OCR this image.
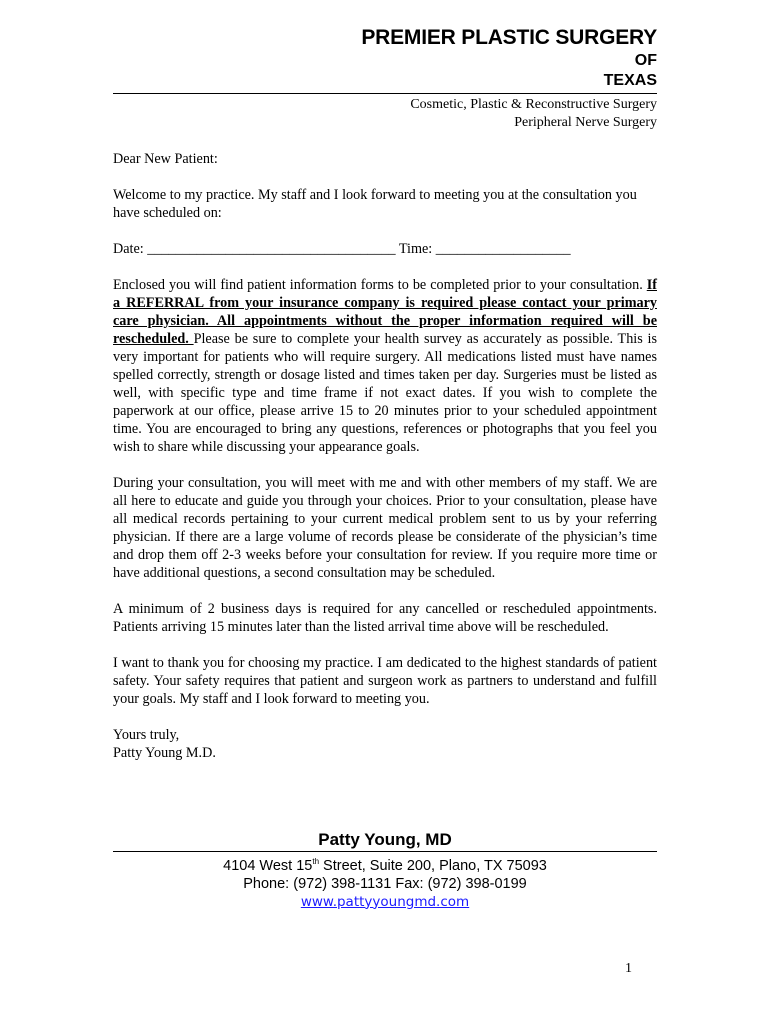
PREMIER PLASTIC SURGERY
OF
TEXAS
Cosmetic, Plastic & Reconstructive Surgery
Peripheral Nerve Surgery

Dear New Patient:

Welcome to my practice. My staff and I look forward to meeting you at the consultation you have scheduled on:

Date: ___________________________________ Time: ___________________

Enclosed you will find patient information forms to be completed prior to your consultation. If a REFERRAL from your insurance company is required please contact your primary care physician. All appointments without the proper information required will be rescheduled. Please be sure to complete your health survey as accurately as possible. This is very important for patients who will require surgery. All medications listed must have names spelled correctly, strength or dosage listed and times taken per day. Surgeries must be listed as well, with specific type and time frame if not exact dates. If you wish to complete the paperwork at our office, please arrive 15 to 20 minutes prior to your scheduled appointment time. You are encouraged to bring any questions, references or photographs that you feel you wish to share while discussing your appearance goals.

During your consultation, you will meet with me and with other members of my staff. We are all here to educate and guide you through your choices. Prior to your consultation, please have all medical records pertaining to your current medical problem sent to us by your referring physician. If there are a large volume of records please be considerate of the physician’s time and drop them off 2-3 weeks before your consultation for review. If you require more time or have additional questions, a second consultation may be scheduled.

A minimum of 2 business days is required for any cancelled or rescheduled appointments. Patients arriving 15 minutes later than the listed arrival time above will be rescheduled.

I want to thank you for choosing my practice. I am dedicated to the highest standards of patient safety. Your safety requires that patient and surgeon work as partners to understand and fulfill your goals. My staff and I look forward to meeting you.

Yours truly,

Patty Young M.D.

Patty Young, MD
4104 West 15th Street, Suite 200, Plano, TX 75093
Phone: (972) 398-1131 Fax: (972) 398-0199
www.pattyyoungmd.com
1
